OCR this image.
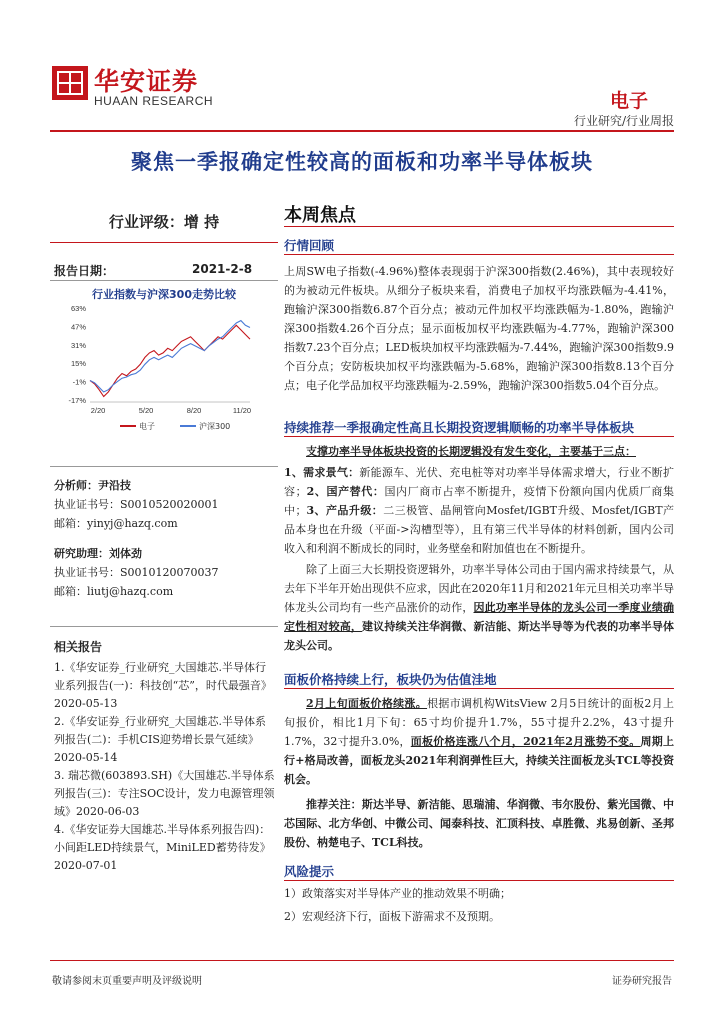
华安证券
HUAAN RESEARCH	电子
行业研究/行业周报
聚焦一季报确定性较高的面板和功率半导体板块
行业评级：增 持
报告日期：	2021-2-8
行业指数与沪深300走势比较
63%
47%
31%
15%
-1%
-17%
2/20	5/20	8/20	11/20
电子	沪深300
分析师：尹沿技
执业证书号：S0010520020001
邮箱：yinyj@hazq.com
研究助理：刘体劲
执业证书号：S0010120070037
邮箱：liutj@hazq.com
相关报告
1.《华安证券_行业研究_大国雄芯.半导体行业系列报告(一)：科技创“芯”，时代最强音》2020-05-13
2.《华安证券_行业研究_大国雄芯.半导体系列报告(二)：手机CIS迎势增长景气延续》2020-05-14
3. 瑞芯微(603893.SH)《大国雄芯.半导体系列报告(三)：专注SOC设计，发力电源管理领域》2020-06-03
4.《华安证券大国雄芯.半导体系列报告四)：小间距LED持续景气，MiniLED蓄势待发》2020-07-01
本周焦点
行情回顾
上周SW电子指数(-4.96%)整体表现弱于沪深300指数(2.46%)，其中表现较好的为被动元件板块。从细分子板块来看，消费电子加权平均涨跌幅为-4.41%，跑输沪深300指数6.87个百分点；被动元件加权平均涨跌幅为-1.80%，跑输沪深300指数4.26个百分点；显示面板加权平均涨跌幅为-4.77%，跑输沪深300指数7.23个百分点；LED板块加权平均涨跌幅为-7.44%，跑输沪深300指数9.9个百分点；安防板块加权平均涨跌幅为-5.68%，跑输沪深300指数8.13个百分点；电子化学品加权平均涨跌幅为-2.59%，跑输沪深300指数5.04个百分点。
持续推荐一季报确定性高且长期投资逻辑顺畅的功率半导体板块
支撑功率半导体板块投资的长期逻辑没有发生变化，主要基于三点：
1、需求景气：新能源车、光伏、充电桩等对功率半导体需求增大，行业不断扩容；2、国产替代：国内厂商市占率不断提升，疫情下份额向国内优质厂商集中；3、产品升级：二三极管、晶闸管向Mosfet/IGBT升级、Mosfet/IGBT产品本身也在升级（平面->沟槽型等），且有第三代半导体的材料创新，国内公司收入和利润不断成长的同时，业务壁垒和附加值也在不断提升。
除了上面三大长期投资逻辑外，功率半导体公司由于国内需求持续景气，从去年下半年开始出现供不应求，因此在2020年11月和2021年元旦相关功率半导体龙头公司均有一些产品涨价的动作，因此功率半导体的龙头公司一季度业绩确定性相对较高，建议持续关注华润微、新洁能、斯达半导等为代表的功率半导体龙头公司。
面板价格持续上行，板块仍为估值洼地
2月上旬面板价格续涨。根据市调机构WitsView 2月5日统计的面板2月上旬报价，相比1月下旬：65寸均价提升1.7%，55寸提升2.2%，43寸提升1.7%，32寸提升3.0%，面板价格连涨八个月，2021年2月涨势不变。周期上行+格局改善，面板龙头2021年利润弹性巨大，持续关注面板龙头TCL等投资机会。
推荐关注：斯达半导、新洁能、思瑞浦、华润微、韦尔股份、紫光国微、中芯国际、北方华创、中微公司、闻泰科技、汇顶科技、卓胜微、兆易创新、圣邦股份、枘楚电子、TCL科技。
风险提示
1）政策落实对半导体产业的推动效果不明确；
2）宏观经济下行，面板下游需求不及预期。
敬请参阅末页重要声明及评级说明	证券研究报告
